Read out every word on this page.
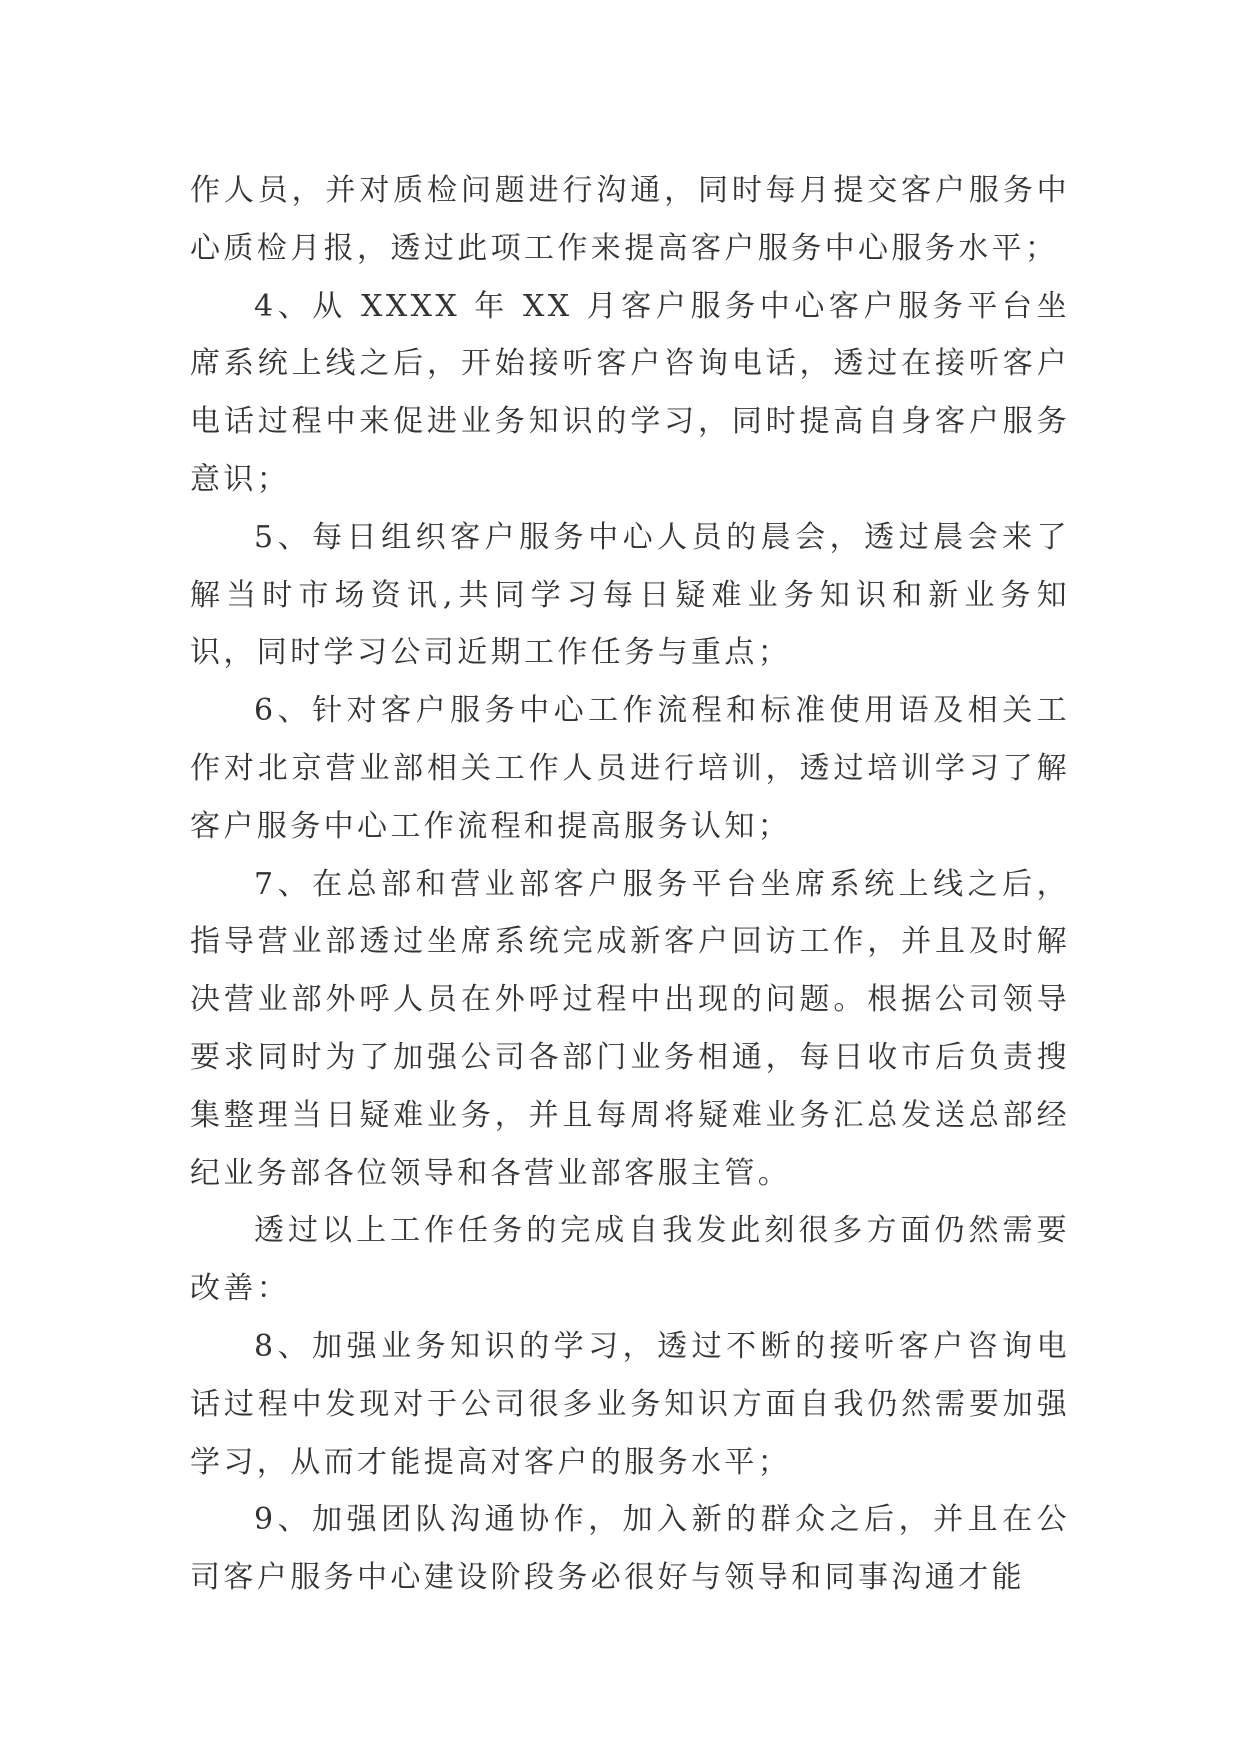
作人员，并对质检问题进行沟通，同时每月提交客户服务中心质检月报，透过此项工作来提高客户服务中心服务水平；

4、从 XXXX 年 XX 月客户服务中心客户服务平台坐席系统上线之后，开始接听客户咨询电话，透过在接听客户电话过程中来促进业务知识的学习，同时提高自身客户服务意识；

5、每日组织客户服务中心人员的晨会，透过晨会来了解当时市场资讯,共同学习每日疑难业务知识和新业务知识，同时学习公司近期工作任务与重点；

6、针对客户服务中心工作流程和标准使用语及相关工作对北京营业部相关工作人员进行培训，透过培训学习了解客户服务中心工作流程和提高服务认知；

7、在总部和营业部客户服务平台坐席系统上线之后，指导营业部透过坐席系统完成新客户回访工作，并且及时解决营业部外呼人员在外呼过程中出现的问题。根据公司领导要求同时为了加强公司各部门业务相通，每日收市后负责搜集整理当日疑难业务，并且每周将疑难业务汇总发送总部经纪业务部各位领导和各营业部客服主管。

透过以上工作任务的完成自我发此刻很多方面仍然需要改善：

8、加强业务知识的学习，透过不断的接听客户咨询电话过程中发现对于公司很多业务知识方面自我仍然需要加强学习，从而才能提高对客户的服务水平；

9、加强团队沟通协作，加入新的群众之后，并且在公司客户服务中心建设阶段务必很好与领导和同事沟通才能
